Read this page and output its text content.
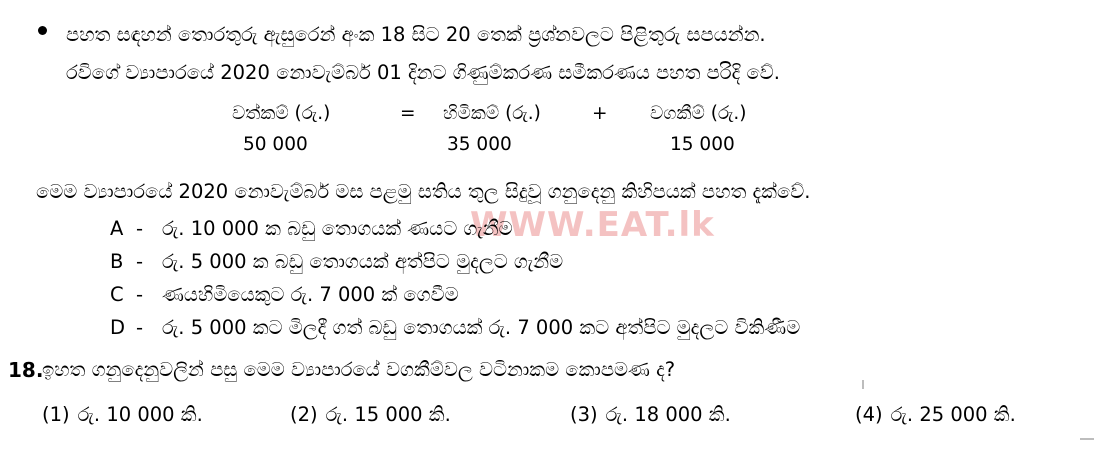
WWW.EAT.lk
පහත සඳහන් තොරතුරු ඇසුරෙන් අංක 18 සිට 20 තෙක් ප්‍රශ්නවලට පිළිතුරු සපයන්න.
රවිගේ ව්‍යාපාරයේ 2020 නොවැම්බර් 01 දිනට ගිණුම්කරණ සමීකරණය පහත පරිදි වේ.
වත්කම් (රු.)	= හිමිකම් (රු.)	+ වගකීම් (රු.)
50 000	35 000	15 000
මෙම ව්‍යාපාරයේ 2020 නොවැම්බර් මස පළමු සතිය තුල සිදුවූ ගනුදෙනු කිහිපයක් පහත දැක්වේ.
A - රු. 10 000 ක බඩු තොගයක් ණයට ගැනීම
B - රු. 5 000 ක බඩු තොගයක් අත්පිට මුදලට ගැනීම
C - ණයහිමියෙකුට රු. 7 000 ක් ගෙවීම
D - රු. 5 000 කට මිලදී ගත් බඩු තොගයක් රු. 7 000 කට අත්පිට මුදලට විකිණීම
18.
ඉහත ගනුදෙනුවලින් පසු මෙම ව්‍යාපාරයේ වගකීම්වල වටිනාකම කොපමණ ද?
(1) රු. 10 000 කි.	(2) රු. 15 000 කි.	(3) රු. 18 000 කි.	(4) රු. 25 000 කි.
